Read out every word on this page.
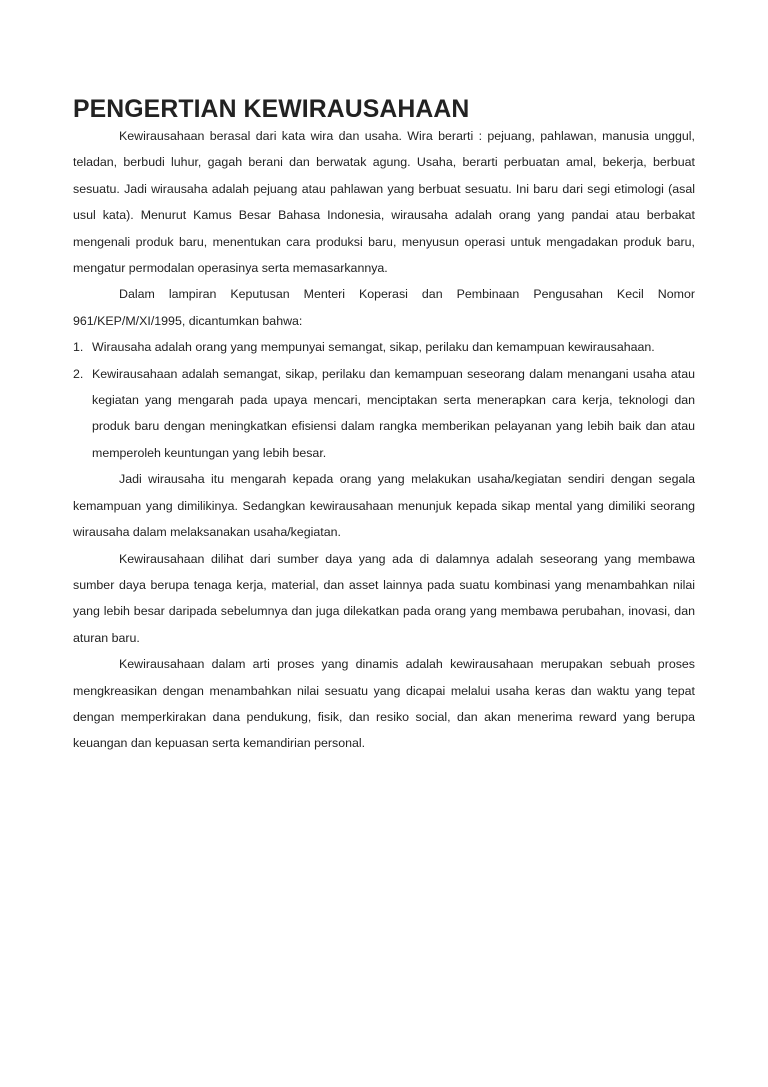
PENGERTIAN KEWIRAUSAHAAN

Kewirausahaan berasal dari kata wira dan usaha. Wira berarti : pejuang, pahlawan, manusia unggul, teladan, berbudi luhur, gagah berani dan berwatak agung. Usaha, berarti perbuatan amal, bekerja, berbuat sesuatu. Jadi wirausaha adalah pejuang atau pahlawan yang berbuat sesuatu. Ini baru dari segi etimologi (asal usul kata). Menurut Kamus Besar Bahasa Indonesia, wirausaha adalah orang yang pandai atau berbakat mengenali produk baru, menentukan cara produksi baru, menyusun operasi untuk mengadakan produk baru, mengatur permodalan operasinya serta memasarkannya.

Dalam lampiran Keputusan Menteri Koperasi dan Pembinaan Pengusahan Kecil Nomor 961/KEP/M/XI/1995, dicantumkan bahwa:

1. Wirausaha adalah orang yang mempunyai semangat, sikap, perilaku dan kemampuan kewirausahaan.
2. Kewirausahaan adalah semangat, sikap, perilaku dan kemampuan seseorang dalam menangani usaha atau kegiatan yang mengarah pada upaya mencari, menciptakan serta menerapkan cara kerja, teknologi dan produk baru dengan meningkatkan efisiensi dalam rangka memberikan pelayanan yang lebih baik dan atau memperoleh keuntungan yang lebih besar.

Jadi wirausaha itu mengarah kepada orang yang melakukan usaha/kegiatan sendiri dengan segala kemampuan yang dimilikinya. Sedangkan kewirausahaan menunjuk kepada sikap mental yang dimiliki seorang wirausaha dalam melaksanakan usaha/kegiatan.

Kewirausahaan dilihat dari sumber daya yang ada di dalamnya adalah seseorang yang membawa sumber daya berupa tenaga kerja, material, dan asset lainnya pada suatu kombinasi yang menambahkan nilai yang lebih besar daripada sebelumnya dan juga dilekatkan pada orang yang membawa perubahan, inovasi, dan aturan baru.

Kewirausahaan dalam arti proses yang dinamis adalah kewirausahaan merupakan sebuah proses mengkreasikan dengan menambahkan nilai sesuatu yang dicapai melalui usaha keras dan waktu yang tepat dengan memperkirakan dana pendukung, fisik, dan resiko social, dan akan menerima reward yang berupa keuangan dan kepuasan serta kemandirian personal.
